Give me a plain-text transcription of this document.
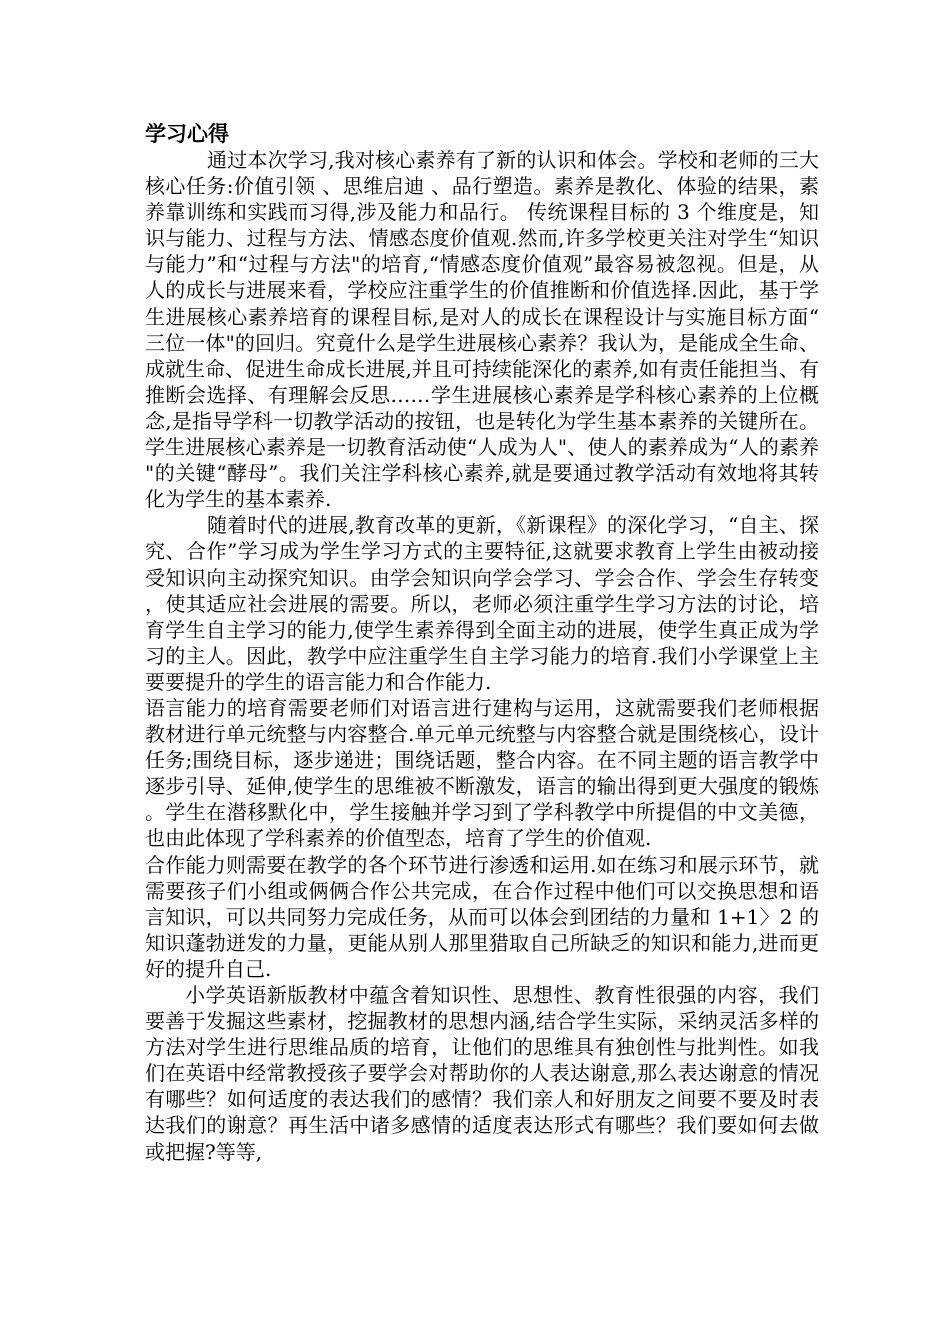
学习心得

通过本次学习,我对核心素养有了新的认识和体会。学校和老师的三大核心任务:价值引领 、思维启迪 、品行塑造。素养是教化、体验的结果，素养靠训练和实践而习得,涉及能力和品行。 传统课程目标的 3 个维度是，知识与能力、过程与方法、情感态度价值观.然而,许多学校更关注对学生“知识与能力”和“过程与方法"的培育,“情感态度价值观”最容易被忽视。但是，从人的成长与进展来看，学校应注重学生的价值推断和价值选择.因此，基于学生进展核心素养培育的课程目标,是对人的成长在课程设计与实施目标方面“三位一体"的回归。究竟什么是学生进展核心素养？我认为，是能成全生命、成就生命、促进生命成长进展,并且可持续能深化的素养,如有责任能担当、有推断会选择、有理解会反思……学生进展核心素养是学科核心素养的上位概念,是指导学科一切教学活动的按钮，也是转化为学生基本素养的关键所在。学生进展核心素养是一切教育活动使“人成为人"、使人的素养成为“人的素养"的关键“酵母”。我们关注学科核心素养,就是要通过教学活动有效地将其转化为学生的基本素养.

随着时代的进展,教育改革的更新，《新课程》的深化学习，“自主、探究、合作”学习成为学生学习方式的主要特征,这就要求教育上学生由被动接受知识向主动探究知识。由学会知识向学会学习、学会合作、学会生存转变，使其适应社会进展的需要。所以，老师必须注重学生学习方法的讨论，培育学生自主学习的能力,使学生素养得到全面主动的进展，使学生真正成为学习的主人。因此，教学中应注重学生自主学习能力的培育.我们小学课堂上主要要提升的学生的语言能力和合作能力.

语言能力的培育需要老师们对语言进行建构与运用，这就需要我们老师根据教材进行单元统整与内容整合.单元单元统整与内容整合就是围绕核心，设计任务;围绕目标，逐步递进；围绕话题，整合内容。在不同主题的语言教学中逐步引导、延伸,使学生的思维被不断激发，语言的输出得到更大强度的锻炼。学生在潜移默化中，学生接触并学习到了学科教学中所提倡的中文美德，也由此体现了学科素养的价值型态，培育了学生的价值观.

合作能力则需要在教学的各个环节进行渗透和运用.如在练习和展示环节，就需要孩子们小组或俩俩合作公共完成，在合作过程中他们可以交换思想和语言知识，可以共同努力完成任务，从而可以体会到团结的力量和 1+1〉2 的知识蓬勃迸发的力量，更能从别人那里猎取自己所缺乏的知识和能力,进而更好的提升自己.

小学英语新版教材中蕴含着知识性、思想性、教育性很强的内容，我们要善于发掘这些素材，挖掘教材的思想内涵,结合学生实际，采纳灵活多样的方法对学生进行思维品质的培育，让他们的思维具有独创性与批判性。如我们在英语中经常教授孩子要学会对帮助你的人表达谢意,那么表达谢意的情况有哪些？如何适度的表达我们的感情？我们亲人和好朋友之间要不要及时表达我们的谢意？再生活中诸多感情的适度表达形式有哪些？我们要如何去做或把握?等等,
